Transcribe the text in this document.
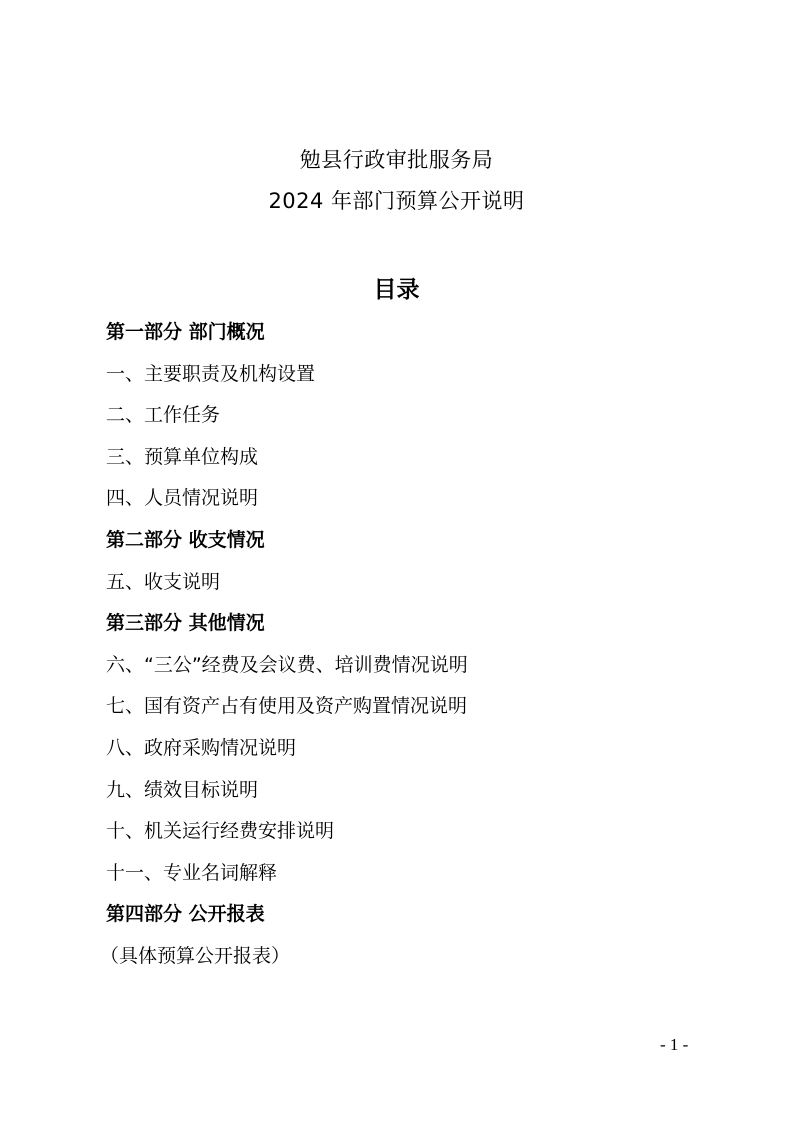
勉县行政审批服务局
2024 年部门预算公开说明
目录
第一部分 部门概况
一、主要职责及机构设置
二、工作任务
三、预算单位构成
四、人员情况说明
第二部分 收支情况
五、收支说明
第三部分 其他情况
六、“三公”经费及会议费、培训费情况说明
七、国有资产占有使用及资产购置情况说明
八、政府采购情况说明
九、绩效目标说明
十、机关运行经费安排说明
十一、专业名词解释
第四部分 公开报表
（具体预算公开报表）
- 1 -
